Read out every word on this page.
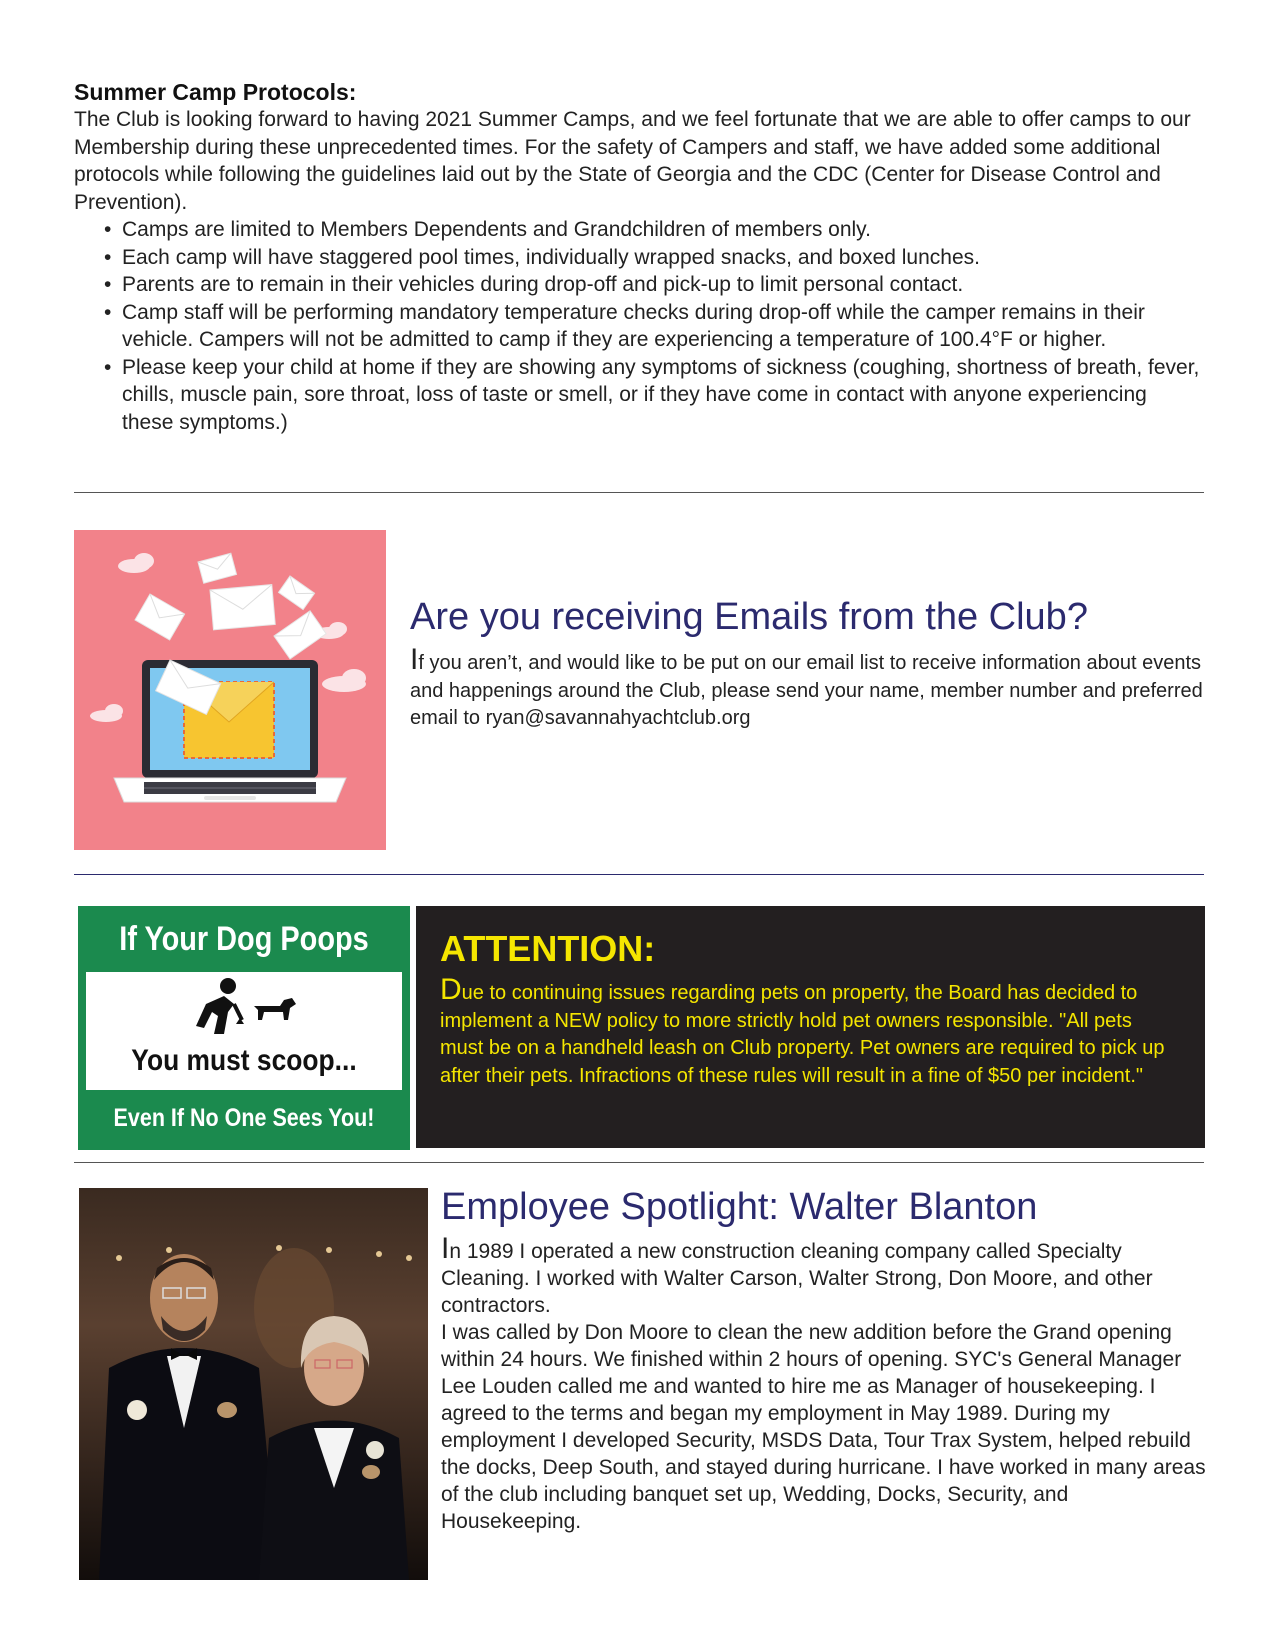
Summer Camp Protocols:

The Club is looking forward to having 2021 Summer Camps, and we feel fortunate that we are able to offer camps to our Membership during these unprecedented times. For the safety of Campers and staff, we have added some additional protocols while following the guidelines laid out by the State of Georgia and the CDC (Center for Disease Control and Prevention).

• Camps are limited to Members Dependents and Grandchildren of members only.
• Each camp will have staggered pool times, individually wrapped snacks, and boxed lunches.
• Parents are to remain in their vehicles during drop-off and pick-up to limit personal contact.
• Camp staff will be performing mandatory temperature checks during drop-off while the camper remains in their vehicle. Campers will not be admitted to camp if they are experiencing a temperature of 100.4°F or higher.
• Please keep your child at home if they are showing any symptoms of sickness (coughing, shortness of breath, fever, chills, muscle pain, sore throat, loss of taste or smell, or if they have come in contact with anyone experiencing these symptoms.)
Are you receiving Emails from the Club?

If you aren’t, and would like to be put on our email list to receive information about events and happenings around the Club, please send your name, member number and preferred email to ryan@savannahyachtclub.org

If Your Dog Poops
You must scoop...
Even If No One Sees You!
ATTENTION:

Due to continuing issues regarding pets on property, the Board has decided to implement a NEW policy to more strictly hold pet owners responsible. "All pets must be on a handheld leash on Club property. Pet owners are required to pick up after their pets. Infractions of these rules will result in a fine of $50 per incident."

Employee Spotlight: Walter Blanton
In 1989 I operated a new construction cleaning company called Specialty Cleaning. I worked with Walter Carson, Walter Strong, Don Moore, and other contractors.
I was called by Don Moore to clean the new addition before the Grand opening within 24 hours. We finished within 2 hours of opening. SYC's General Manager Lee Louden called me and wanted to hire me as Manager of housekeeping. I agreed to the terms and began my employment in May 1989. During my employment I developed Security, MSDS Data, Tour Trax System, helped rebuild the docks, Deep South, and stayed during hurricane. I have worked in many areas of the club including banquet set up, Wedding, Docks, Security, and Housekeeping.
